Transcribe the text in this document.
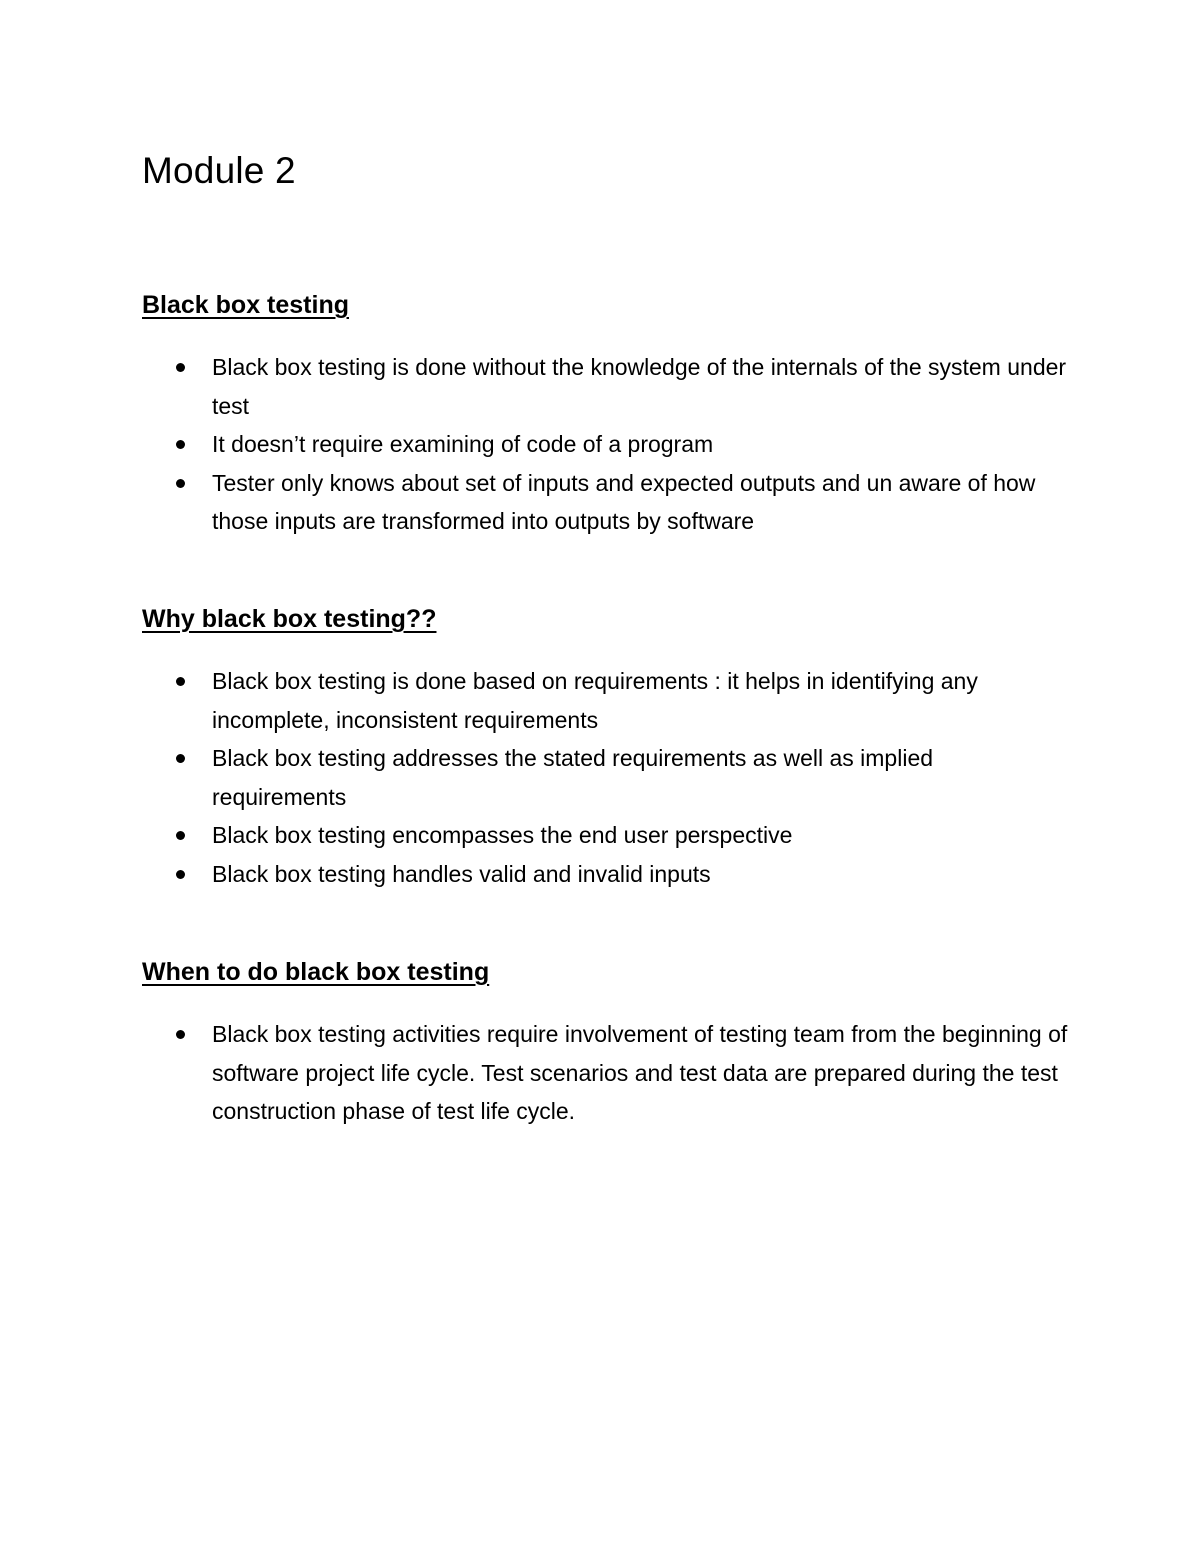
Module 2
Black box testing
Black box testing is done without the knowledge of the internals of the system under test
It doesn’t require examining of code of a program
Tester only knows about set of inputs and expected outputs and un aware of how those inputs are transformed into outputs by software
Why black box testing??
Black box testing is done based on requirements : it helps in identifying any incomplete, inconsistent requirements
Black box testing addresses the stated requirements as well as implied requirements
Black box testing encompasses the end user perspective
Black box testing handles valid and invalid inputs
When to do black box testing
Black box testing activities require involvement of testing team from the beginning of software project life cycle. Test scenarios and test data are prepared during the test construction phase of test life cycle.
